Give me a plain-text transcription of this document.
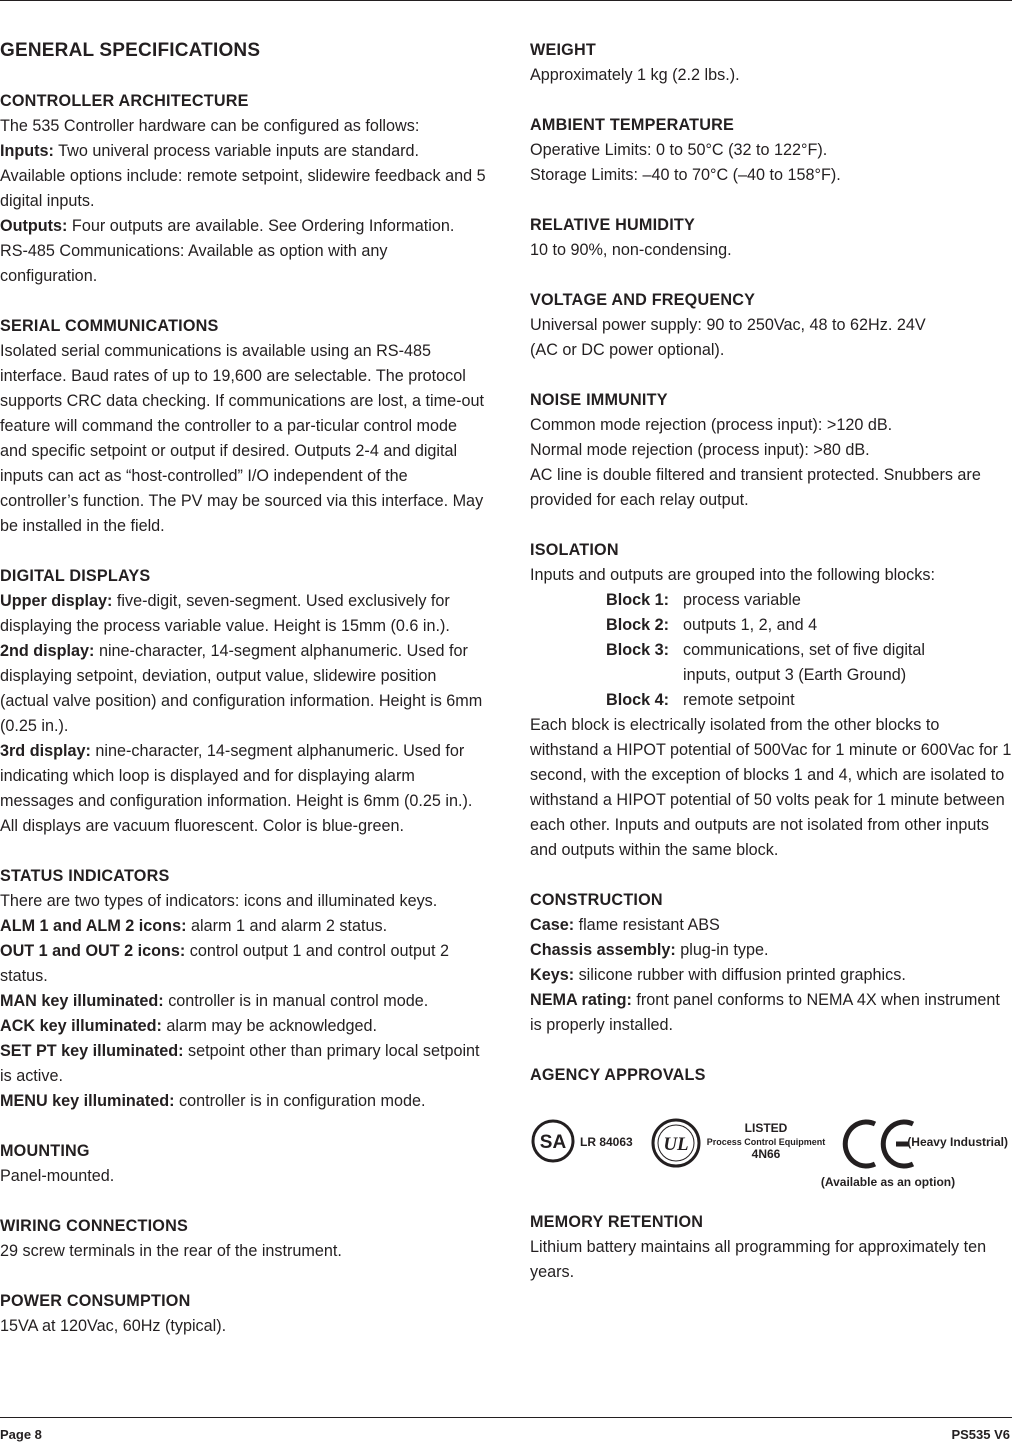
GENERAL SPECIFICATIONS
CONTROLLER ARCHITECTURE
The 535 Controller hardware can be configured as follows:
Inputs: Two univeral process variable inputs are standard. Available options include: remote setpoint, slidewire feedback and 5 digital inputs.
Outputs: Four outputs are available. See Ordering Information.
RS-485 Communications: Available as option with any configuration.
SERIAL COMMUNICATIONS
Isolated serial communications is available using an RS-485 interface. Baud rates of up to 19,600 are selectable. The protocol supports CRC data checking. If communications are lost, a time-out feature will command the controller to a par-ticular control mode and specific setpoint or output if desired. Outputs 2-4 and digital inputs can act as “host-controlled” I/O independent of the controller’s function. The PV may be sourced via this interface. May be installed in the field.
DIGITAL DISPLAYS
Upper display: five-digit, seven-segment. Used exclusively for displaying the process variable value. Height is 15mm (0.6 in.).
2nd display: nine-character, 14-segment alphanumeric. Used for displaying setpoint, deviation, output value, slidewire position (actual valve position) and configuration information. Height is 6mm (0.25 in.).
3rd display: nine-character, 14-segment alphanumeric. Used for indicating which loop is displayed and for displaying alarm messages and configuration information. Height is 6mm (0.25 in.).
All displays are vacuum fluorescent. Color is blue-green.
STATUS INDICATORS
There are two types of indicators: icons and illuminated keys.
ALM 1 and ALM 2 icons: alarm 1 and alarm 2 status.
OUT 1 and OUT 2 icons: control output 1 and control output 2 status.
MAN key illuminated: controller is in manual control mode.
ACK key illuminated: alarm may be acknowledged.
SET PT key illuminated: setpoint other than primary local setpoint is active.
MENU key illuminated: controller is in configuration mode.
MOUNTING
Panel-mounted.
WIRING CONNECTIONS
29 screw terminals in the rear of the instrument.
POWER CONSUMPTION
15VA at 120Vac, 60Hz (typical).
WEIGHT
Approximately 1 kg (2.2 lbs.).
AMBIENT TEMPERATURE
Operative Limits: 0 to 50°C (32 to 122°F).
Storage Limits: –40 to 70°C (–40 to 158°F).
RELATIVE HUMIDITY
10 to 90%, non-condensing.
VOLTAGE AND FREQUENCY
Universal power supply: 90 to 250Vac, 48 to 62Hz. 24V
(AC or DC power optional).
NOISE IMMUNITY
Common mode rejection (process input): >120 dB.
Normal mode rejection (process input): >80 dB.
AC line is double filtered and transient protected. Snubbers are provided for each relay output.
ISOLATION
Inputs and outputs are grouped into the following blocks:
Block 1: process variable
Block 2: outputs 1, 2, and 4
Block 3: communications, set of five digital inputs, output 3 (Earth Ground)
Block 4: remote setpoint
Each block is electrically isolated from the other blocks to withstand a HIPOT potential of 500Vac for 1 minute or 600Vac for 1 second, with the exception of blocks 1 and 4, which are isolated to withstand a HIPOT potential of 50 volts peak for 1 minute between each other. Inputs and outputs are not isolated from other inputs and outputs within the same block.
CONSTRUCTION
Case: flame resistant ABS
Chassis assembly: plug-in type.
Keys: silicone rubber with diffusion printed graphics.
NEMA rating: front panel conforms to NEMA 4X when instrument is properly installed.
AGENCY APPROVALS
SA LR 84063 UL
LISTED
Process Control Equipment
4N66
(Heavy Industrial)
(Available as an option)
MEMORY RETENTION
Lithium battery maintains all programming for approximately ten years.
Page 8	PS535 V6
